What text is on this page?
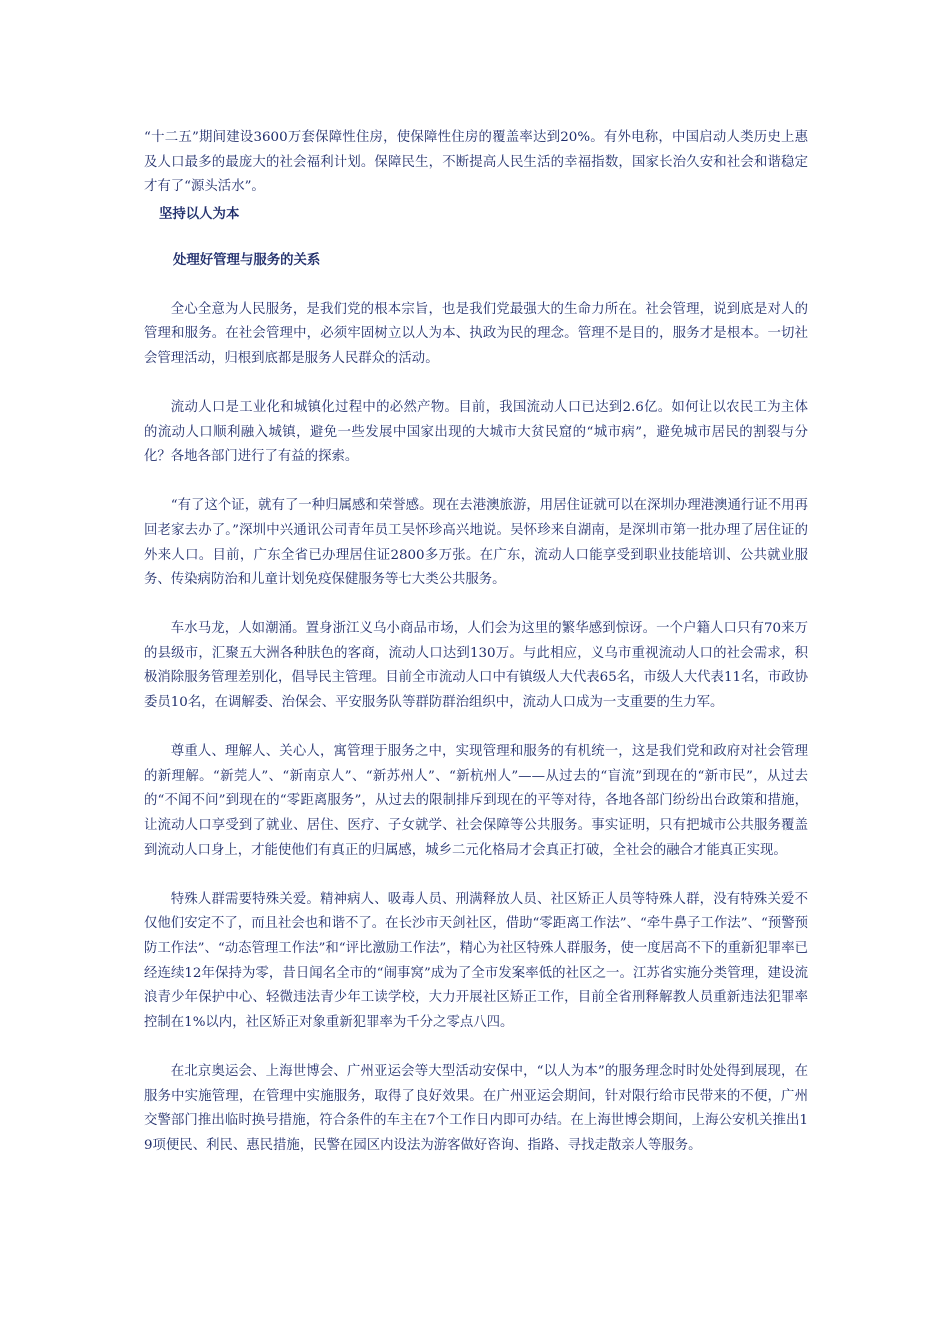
“十二五”期间建设3600万套保障性住房，使保障性住房的覆盖率达到20%。有外电称，中国启动人类历史上惠及人口最多的最庞大的社会福利计划。保障民生，不断提高人民生活的幸福指数，国家长治久安和社会和谐稳定才有了“源头活水”。

坚持以人为本

处理好管理与服务的关系

全心全意为人民服务，是我们党的根本宗旨，也是我们党最强大的生命力所在。社会管理，说到底是对人的管理和服务。在社会管理中，必须牢固树立以人为本、执政为民的理念。管理不是目的，服务才是根本。一切社会管理活动，归根到底都是服务人民群众的活动。

流动人口是工业化和城镇化过程中的必然产物。目前，我国流动人口已达到2.6亿。如何让以农民工为主体的流动人口顺利融入城镇，避免一些发展中国家出现的大城市大贫民窟的“城市病”，避免城市居民的割裂与分化？各地各部门进行了有益的探索。

“有了这个证，就有了一种归属感和荣誉感。现在去港澳旅游，用居住证就可以在深圳办理港澳通行证不用再回老家去办了。”深圳中兴通讯公司青年员工吴怀珍高兴地说。吴怀珍来自湖南，是深圳市第一批办理了居住证的外来人口。目前，广东全省已办理居住证2800多万张。在广东，流动人口能享受到职业技能培训、公共就业服务、传染病防治和儿童计划免疫保健服务等七大类公共服务。

车水马龙，人如潮涌。置身浙江义乌小商品市场，人们会为这里的繁华感到惊讶。一个户籍人口只有70来万的县级市，汇聚五大洲各种肤色的客商，流动人口达到130万。与此相应，义乌市重视流动人口的社会需求，积极消除服务管理差别化，倡导民主管理。目前全市流动人口中有镇级人大代表65名，市级人大代表11名，市政协委员10名，在调解委、治保会、平安服务队等群防群治组织中，流动人口成为一支重要的生力军。

尊重人、理解人、关心人，寓管理于服务之中，实现管理和服务的有机统一，这是我们党和政府对社会管理的新理解。“新莞人”、“新南京人”、“新苏州人”、“新杭州人”——从过去的“盲流”到现在的“新市民”，从过去的“不闻不问”到现在的“零距离服务”，从过去的限制排斥到现在的平等对待，各地各部门纷纷出台政策和措施，让流动人口享受到了就业、居住、医疗、子女就学、社会保障等公共服务。事实证明，只有把城市公共服务覆盖到流动人口身上，才能使他们有真正的归属感，城乡二元化格局才会真正打破，全社会的融合才能真正实现。

特殊人群需要特殊关爱。精神病人、吸毒人员、刑满释放人员、社区矫正人员等特殊人群，没有特殊关爱不仅他们安定不了，而且社会也和谐不了。在长沙市天剑社区，借助“零距离工作法”、“牵牛鼻子工作法”、“预警预防工作法”、“动态管理工作法”和“评比激励工作法”，精心为社区特殊人群服务，使一度居高不下的重新犯罪率已经连续12年保持为零，昔日闻名全市的“闹事窝”成为了全市发案率低的社区之一。江苏省实施分类管理，建设流浪青少年保护中心、轻微违法青少年工读学校，大力开展社区矫正工作，目前全省刑释解教人员重新违法犯罪率控制在1%以内，社区矫正对象重新犯罪率为千分之零点八四。

在北京奥运会、上海世博会、广州亚运会等大型活动安保中，“以人为本”的服务理念时时处处得到展现，在服务中实施管理，在管理中实施服务，取得了良好效果。在广州亚运会期间，针对限行给市民带来的不便，广州交警部门推出临时换号措施，符合条件的车主在7个工作日内即可办结。在上海世博会期间，上海公安机关推出19项便民、利民、惠民措施，民警在园区内设法为游客做好咨询、指路、寻找走散亲人等服务。
